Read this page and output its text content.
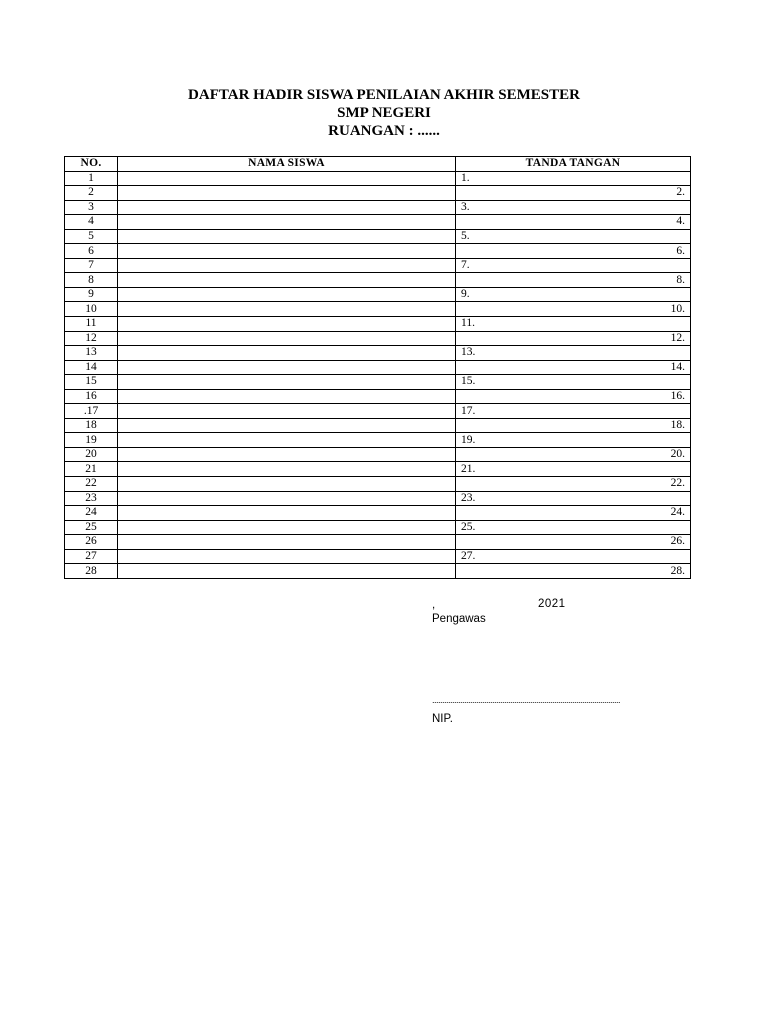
DAFTAR HADIR SISWA PENILAIAN AKHIR SEMESTER
SMP NEGERI
RUANGAN : ......
NO.	NAMA SISWA	TANDA TANGAN
1		1.
2		2.
3		3.
4		4.
5		5.
6		6.
7		7.
8		8.
9		9.
10		10.
11		11.
12		12.
13		13.
14		14.
15		15.
16		16.
.17		17.
18		18.
19		19.
20		20.
21		21.
22		22.
23		23.
24		24.
25		25.
26		26.
27		27.
28		28.
,	2021
Pengawas
..............................................................................................
NIP.
